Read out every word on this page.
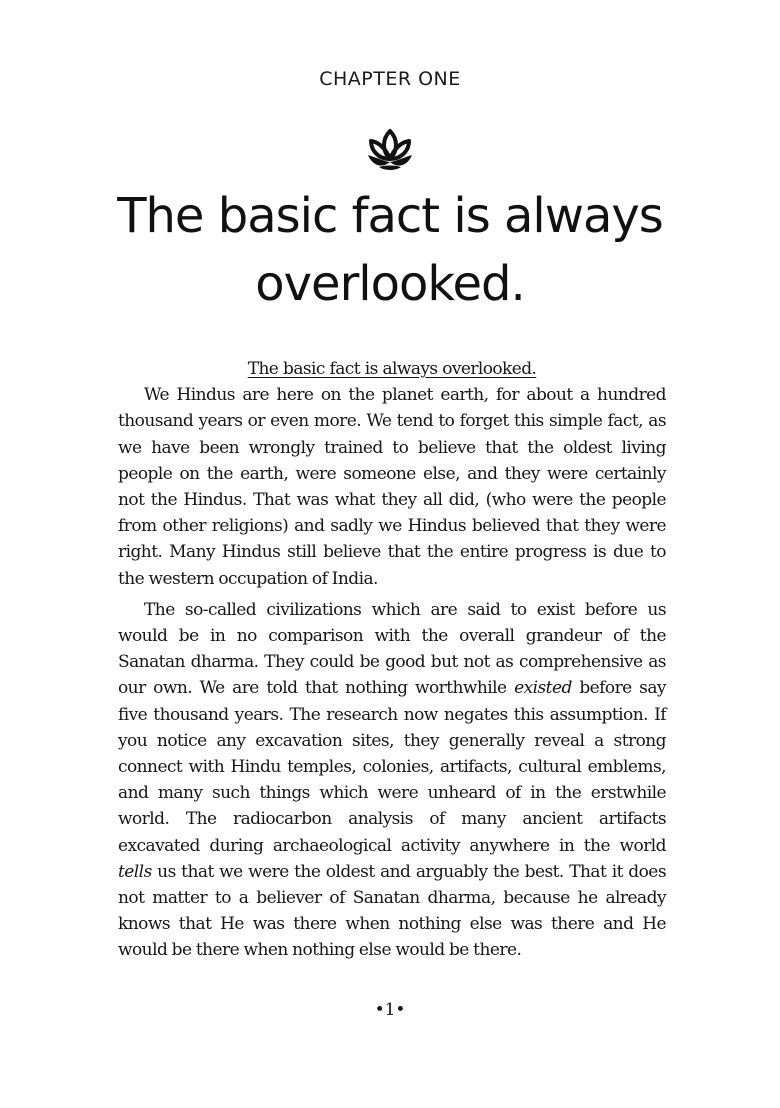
CHAPTER ONE
The basic fact is always overlooked.

The basic fact is always overlooked.

We Hindus are here on the planet earth, for about a hundred thousand years or even more. We tend to forget this simple fact, as we have been wrongly trained to believe that the oldest living people on the earth, were someone else, and they were certainly not the Hindus. That was what they all did, (who were the people from other religions) and sadly we Hindus believed that they were right. Many Hindus still believe that the entire progress is due to the western occupation of India.

The so-called civilizations which are said to exist before us would be in no comparison with the overall grandeur of the Sanatan dharma. They could be good but not as comprehensive as our own. We are told that nothing worthwhile existed before say five thousand years. The research now negates this assumption. If you notice any excavation sites, they generally reveal a strong connect with Hindu temples, colonies, artifacts, cultural emblems, and many such things which were unheard of in the erstwhile world. The radiocarbon analysis of many ancient artifacts excavated during archaeological activity anywhere in the world tells us that we were the oldest and arguably the best. That it does not matter to a believer of Sanatan dharma, because he already knows that He was there when nothing else was there and He would be there when nothing else would be there.

•1•
